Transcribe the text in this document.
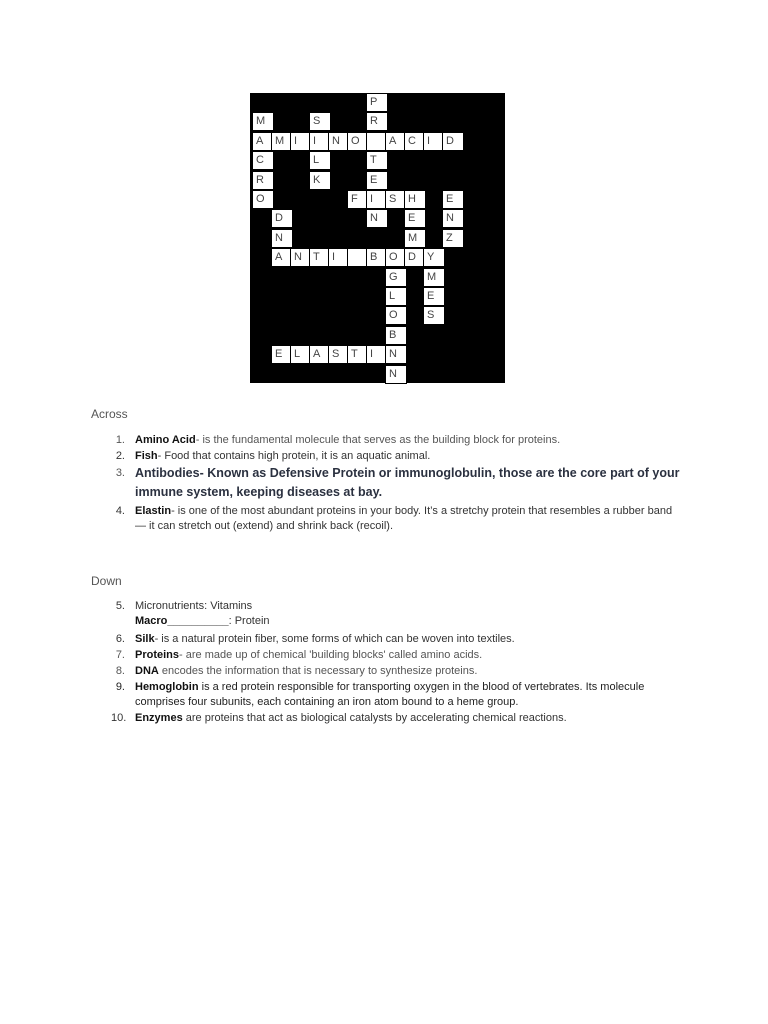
P
M	S	R
A	M I	I	N	O	A	C	I	D
C	L	T
R	K	E
O	F	I	S	H	E
D	N	E	N
N	M	Z
A	N	T	I	B	O D	Y
G	M
L	E
O	S
B
E	L	A	S	T	I	N
N
Across
1. Amino Acid- is the fundamental molecule that serves as the building block for proteins.
2. Fish- Food that contains high protein, it is an aquatic animal.
3. Antibodies- Known as Defensive Protein or immunoglobulin, those are the core part of your immune system, keeping diseases at bay.
4. Elastin- is one of the most abundant proteins in your body. It’s a stretchy protein that resembles a rubber band — it can stretch out (extend) and shrink back (recoil).
Down
5. Micronutrients: Vitamins
Macro__________: Protein
6. Silk- is a natural protein fiber, some forms of which can be woven into textiles.
7. Proteins- are made up of chemical 'building blocks' called amino acids.
8. DNA encodes the information that is necessary to synthesize proteins.
9. Hemoglobin is a red protein responsible for transporting oxygen in the blood of vertebrates. Its molecule comprises four subunits, each containing an iron atom bound to a heme group.
10. Enzymes are proteins that act as biological catalysts by accelerating chemical reactions.
